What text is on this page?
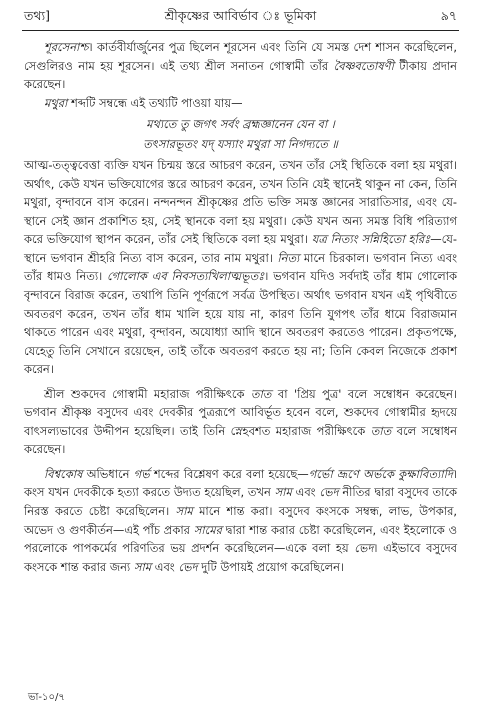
তথ্য]	শ্রীকৃষ্ণের আবির্ভাব ঃ ভূমিকা	৯৭

শূরসেনাশ্চ। কার্তবীর্যার্জুনের পুত্র ছিলেন শূরসেন এবং তিনি যে সমস্ত দেশ শাসন করেছিলেন, সেগুলিরও নাম হয় শূরসেন। এই তথ্য শ্রীল সনাতন গোস্বামী তাঁর বৈষ্ণবতোষণী টীকায় প্রদান করেছেন।

মথুরা শব্দটি সম্বন্ধে এই তথ্যটি পাওয়া যায়—

মথ্যতে তু জগৎ সর্বং ব্রহ্মজ্ঞানেন যেন বা ।
তৎসারভূতং যদ্ যস্যাং মথুরা সা নিগদ্যতে ॥

আত্ম-তত্ত্ববেত্তা ব্যক্তি যখন চিন্ময় স্তরে আচরণ করেন, তখন তাঁর সেই স্থিতিকে বলা হয় মথুরা। অর্থাৎ, কেউ যখন ভক্তিযোগের স্তরে আচরণ করেন, তখন তিনি যেই স্থানেই থাকুন না কেন, তিনি মথুরা, বৃন্দাবনে বাস করেন। নন্দনন্দন শ্রীকৃষ্ণের প্রতি ভক্তি সমস্ত জ্ঞানের সারাতিসার, এবং যে-স্থানে সেই জ্ঞান প্রকাশিত হয়, সেই স্থানকে বলা হয় মথুরা। কেউ যখন অন্য সমস্ত বিধি পরিত্যাগ করে ভক্তিযোগ স্থাপন করেন, তাঁর সেই স্থিতিকে বলা হয় মথুরা। যত্র নিত্যং সন্নিহিতো হরিঃ—যে-স্থানে ভগবান শ্রীহরি নিত্য বাস করেন, তার নাম মথুরা। নিত্য মানে চিরকাল। ভগবান নিত্য এবং তাঁর ধামও নিত্য। গোলোক এব নিবসত্যখিলাত্মভূতঃ। ভগবান যদিও সর্বদাই তাঁর ধাম গোলোক বৃন্দাবনে বিরাজ করেন, তথাপি তিনি পূর্ণরূপে সর্বত্র উপস্থিত। অর্থাৎ ভগবান যখন এই পৃথিবীতে অবতরণ করেন, তখন তাঁর ধাম খালি হয়ে যায় না, কারণ তিনি যুগপৎ তাঁর ধামে বিরাজমান থাকতে পারেন এবং মথুরা, বৃন্দাবন, অযোধ্যা আদি স্থানে অবতরণ করতেও পারেন। প্রকৃতপক্ষে, যেহেতু তিনি সেখানে রয়েছেন, তাই তাঁকে অবতরণ করতে হয় না; তিনি কেবল নিজেকে প্রকাশ করেন।

শ্রীল শুকদেব গোস্বামী মহারাজ পরীক্ষিৎকে তাত বা 'প্রিয় পুত্র' বলে সম্বোধন করেছেন। ভগবান শ্রীকৃষ্ণ বসুদেব এবং দেবকীর পুত্ররূপে আবির্ভূত হবেন বলে, শুকদেব গোস্বামীর হৃদয়ে বাৎসল্যভাবের উদ্দীপন হয়েছিল। তাই তিনি স্নেহবশত মহারাজ পরীক্ষিৎকে তাত বলে সম্বোধন করেছেন।

বিশ্বকোষ অভিধানে গর্ভ শব্দের বিশ্লেষণ করে বলা হয়েছে—গর্ভো ভ্রূণে অর্ভকে কুক্ষাবিত্যাদি। কংস যখন দেবকীকে হত্যা করতে উদ্যত হয়েছিল, তখন সাম এবং ভেদ নীতির দ্বারা বসুদেব তাকে নিরস্ত করতে চেষ্টা করেছিলেন। সাম মানে শান্ত করা। বসুদেব কংসকে সম্বন্ধ, লাভ, উপকার, অভেদ ও গুণকীর্তন—এই পাঁচ প্রকার সামের দ্বারা শান্ত করার চেষ্টা করেছিলেন, এবং ইহলোকে ও পরলোকে পাপকর্মের পরিণতির ভয় প্রদর্শন করেছিলেন—একে বলা হয় ভেদ। এইভাবে বসুদেব কংসকে শান্ত করার জন্য সাম এবং ভেদ দুটি উপায়ই প্রয়োগ করেছিলেন।

ভা-১০/৭
